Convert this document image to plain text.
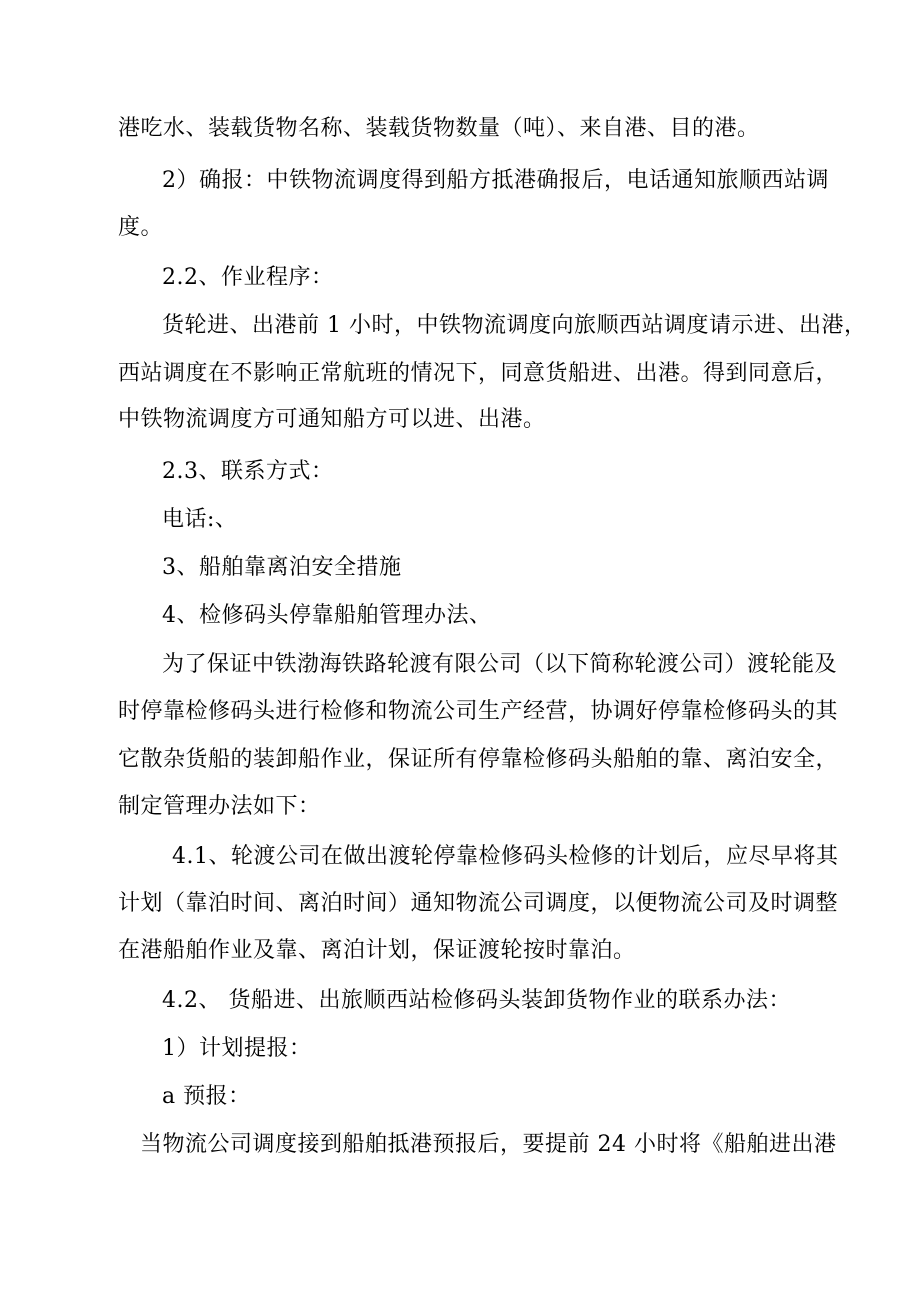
港吃水、装载货物名称、装载货物数量（吨）、来自港、目的港。
2）确报：中铁物流调度得到船方抵港确报后，电话通知旅顺西站调
度。
2.2、作业程序：
货轮进、出港前 1 小时，中铁物流调度向旅顺西站调度请示进、出港，
西站调度在不影响正常航班的情况下，同意货船进、出港。得到同意后，
中铁物流调度方可通知船方可以进、出港。
2.3、联系方式：
电话:、
3、船舶靠离泊安全措施
4、检修码头停靠船舶管理办法、
为了保证中铁渤海铁路轮渡有限公司（以下简称轮渡公司）渡轮能及
时停靠检修码头进行检修和物流公司生产经营，协调好停靠检修码头的其
它散杂货船的装卸船作业，保证所有停靠检修码头船舶的靠、离泊安全，
制定管理办法如下：
4.1、轮渡公司在做出渡轮停靠检修码头检修的计划后，应尽早将其
计划（靠泊时间、离泊时间）通知物流公司调度，以便物流公司及时调整
在港船舶作业及靠、离泊计划，保证渡轮按时靠泊。
4.2、 货船进、出旅顺西站检修码头装卸货物作业的联系办法：
1）计划提报：
a 预报：
当物流公司调度接到船舶抵港预报后，要提前 24 小时将《船舶进出港
